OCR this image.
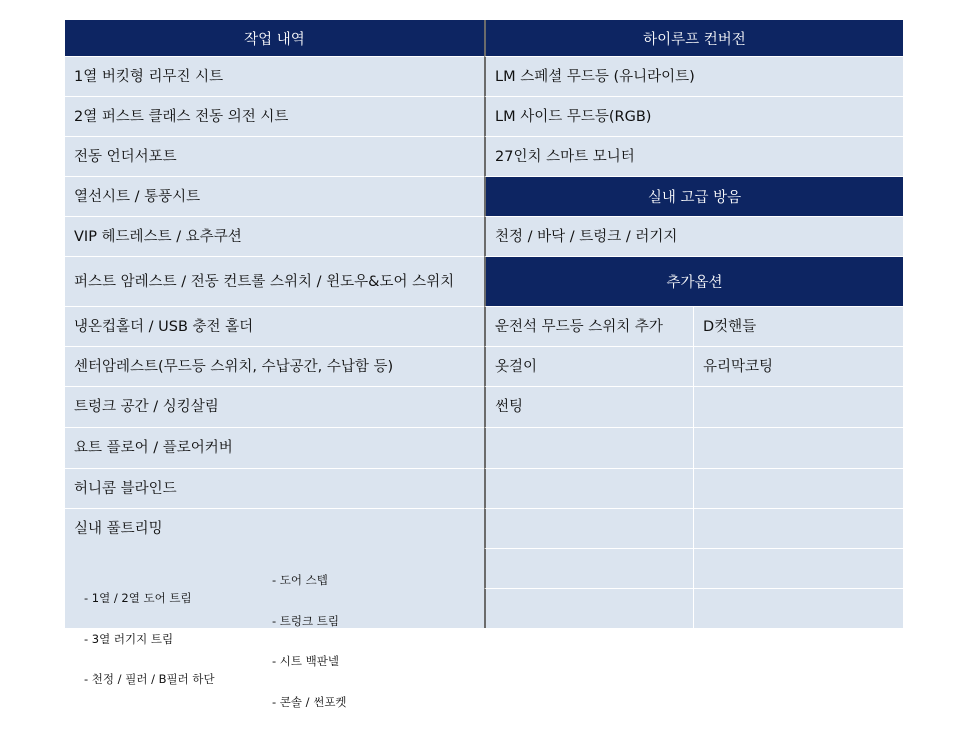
작업 내역
1열 버킷형 리무진 시트
2열 퍼스트 클래스 전동 의전 시트
전동 언더서포트
열선시트 / 통풍시트
VIP 헤드레스트 / 요추쿠션
퍼스트 암레스트 / 전동 컨트롤 스위치 / 윈도우&도어 스위치
냉온컵홀더 / USB 충전 홀더
센터암레스트(무드등 스위치, 수납공간, 수납함 등)
트렁크 공간 / 싱킹살림
요트 플로어 / 플로어커버
허니콤 블라인드
실내 풀트리밍

- 1열 / 2열 도어 트림

- 3열 러기지 트림

- 천정 / 필러 / B필러 하단

- 도어 스텝

- 트렁크 트림

- 시트 백판넬

- 콘솔 / 썬포켓

하이루프 컨버전
LM 스페셜 무드등 (유니라이트)
LM 사이드 무드등(RGB)
27인치 스마트 모니터
실내 고급 방음
천정 / 바닥 / 트렁크 / 러기지
추가옵션
운전석 무드등 스위치 추가	D컷핸들
옷걸이	유리막코팅
썬팅
